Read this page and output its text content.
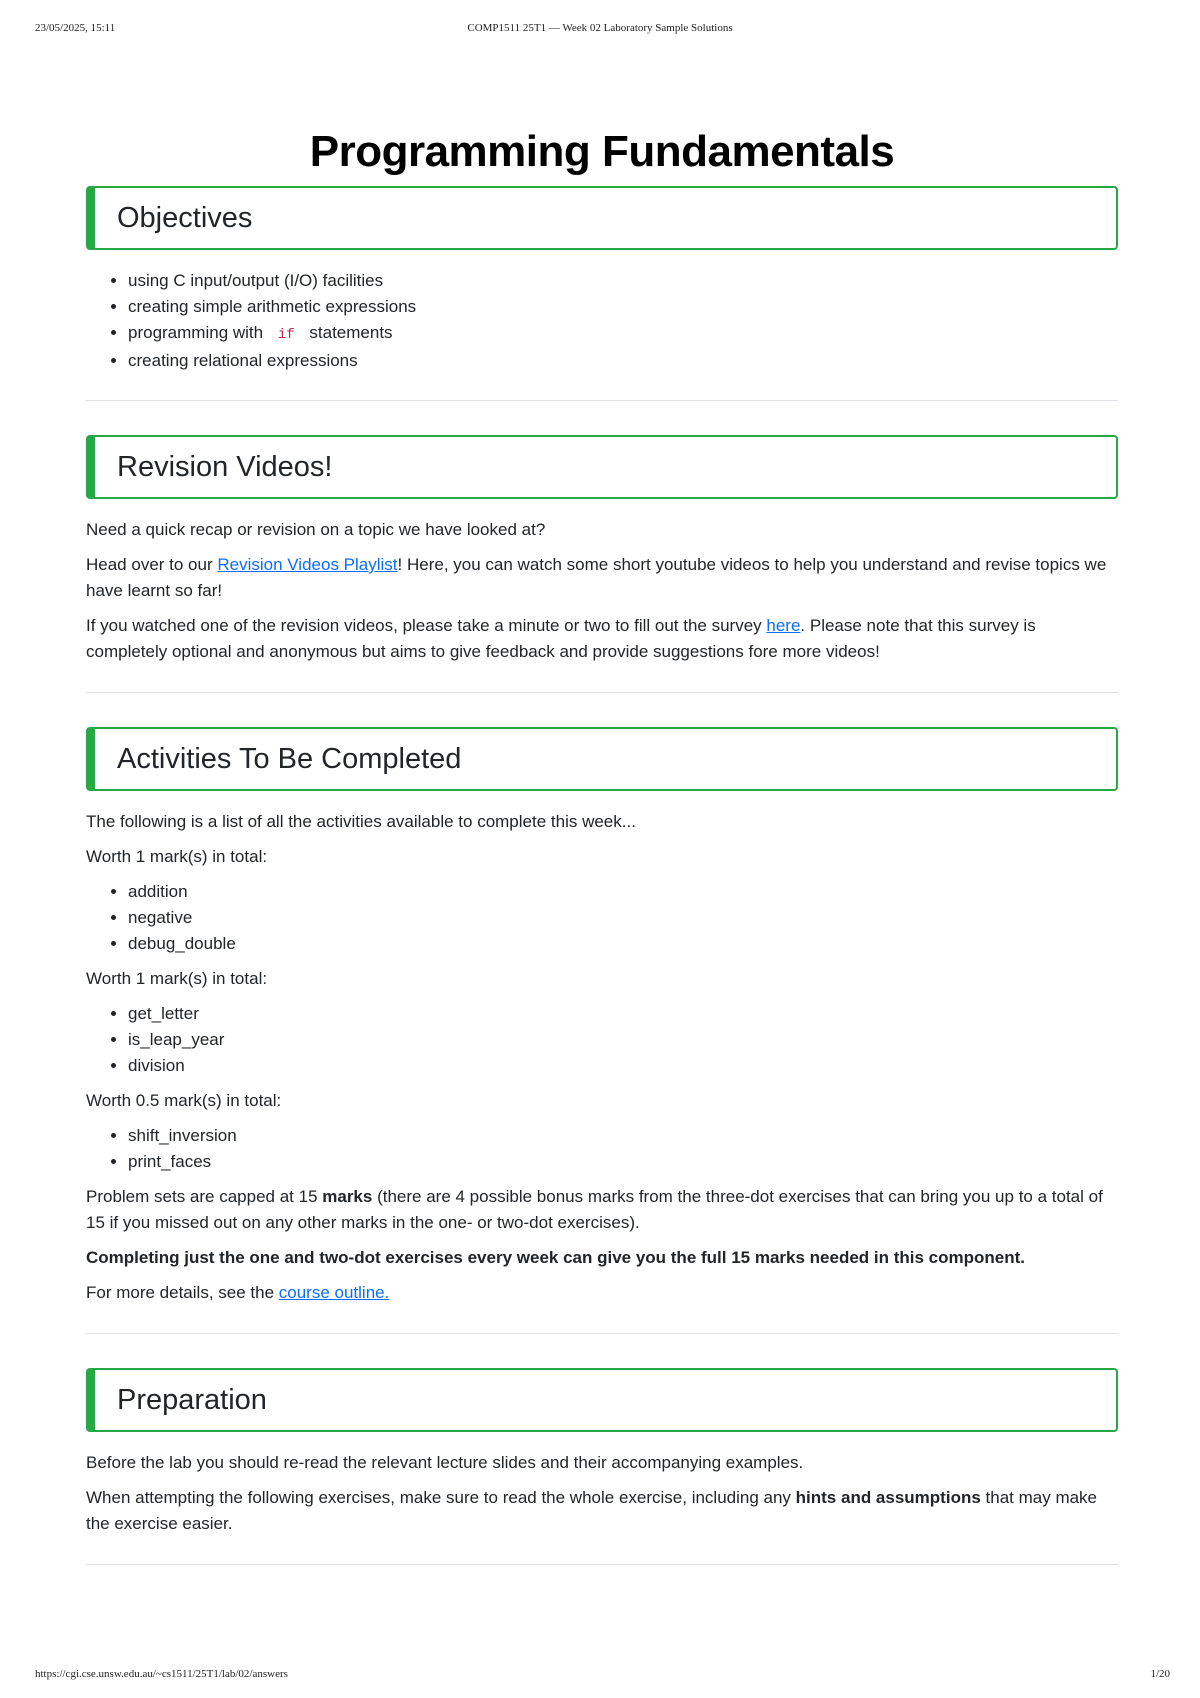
23/05/2025, 15:11	COMP1511 25T1 — Week 02 Laboratory Sample Solutions
Programming Fundamentals
Objectives
• using C input/output (I/O) facilities
• creating simple arithmetic expressions
• programming with if statements
• creating relational expressions
Revision Videos!

Need a quick recap or revision on a topic we have looked at?

Head over to our Revision Videos Playlist! Here, you can watch some short youtube videos to help you understand and revise topics we have learnt so far!

If you watched one of the revision videos, please take a minute or two to fill out the survey here. Please note that this survey is completely optional and anonymous but aims to give feedback and provide suggestions fore more videos!

Activities To Be Completed

The following is a list of all the activities available to complete this week...

Worth 1 mark(s) in total:

• addition
• negative
• debug_double

Worth 1 mark(s) in total:

• get_letter
• is_leap_year
• division

Worth 0.5 mark(s) in total:

• shift_inversion
• print_faces

Problem sets are capped at 15 marks (there are 4 possible bonus marks from the three-dot exercises that can bring you up to a total of 15 if you missed out on any other marks in the one- or two-dot exercises).

Completing just the one and two-dot exercises every week can give you the full 15 marks needed in this component.

For more details, see the course outline.

Preparation

Before the lab you should re-read the relevant lecture slides and their accompanying examples.

When attempting the following exercises, make sure to read the whole exercise, including any hints and assumptions that may make the exercise easier.

https://cgi.cse.unsw.edu.au/~cs1511/25T1/lab/02/answers	1/20
